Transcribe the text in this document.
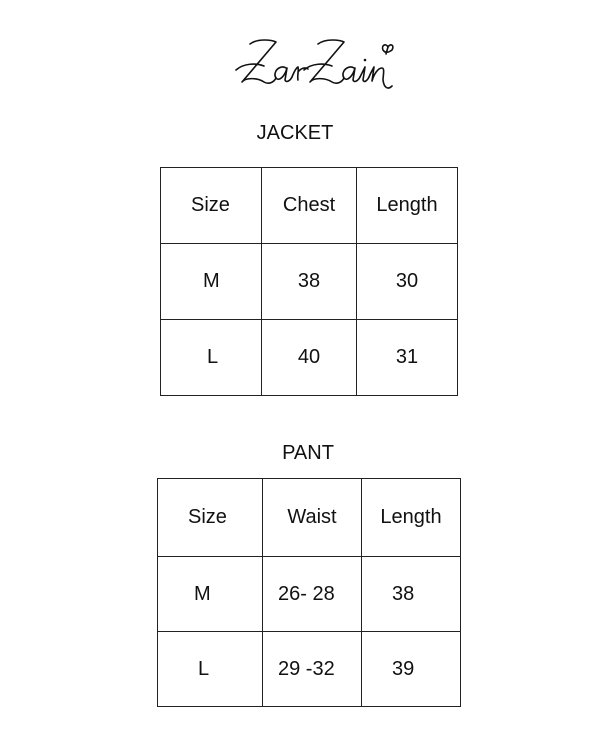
JACKET
Size	Chest	Length

M	38	30

L	40	31
PANT
Size	Waist	Length

M	26- 28	38

L	29 -32	39
